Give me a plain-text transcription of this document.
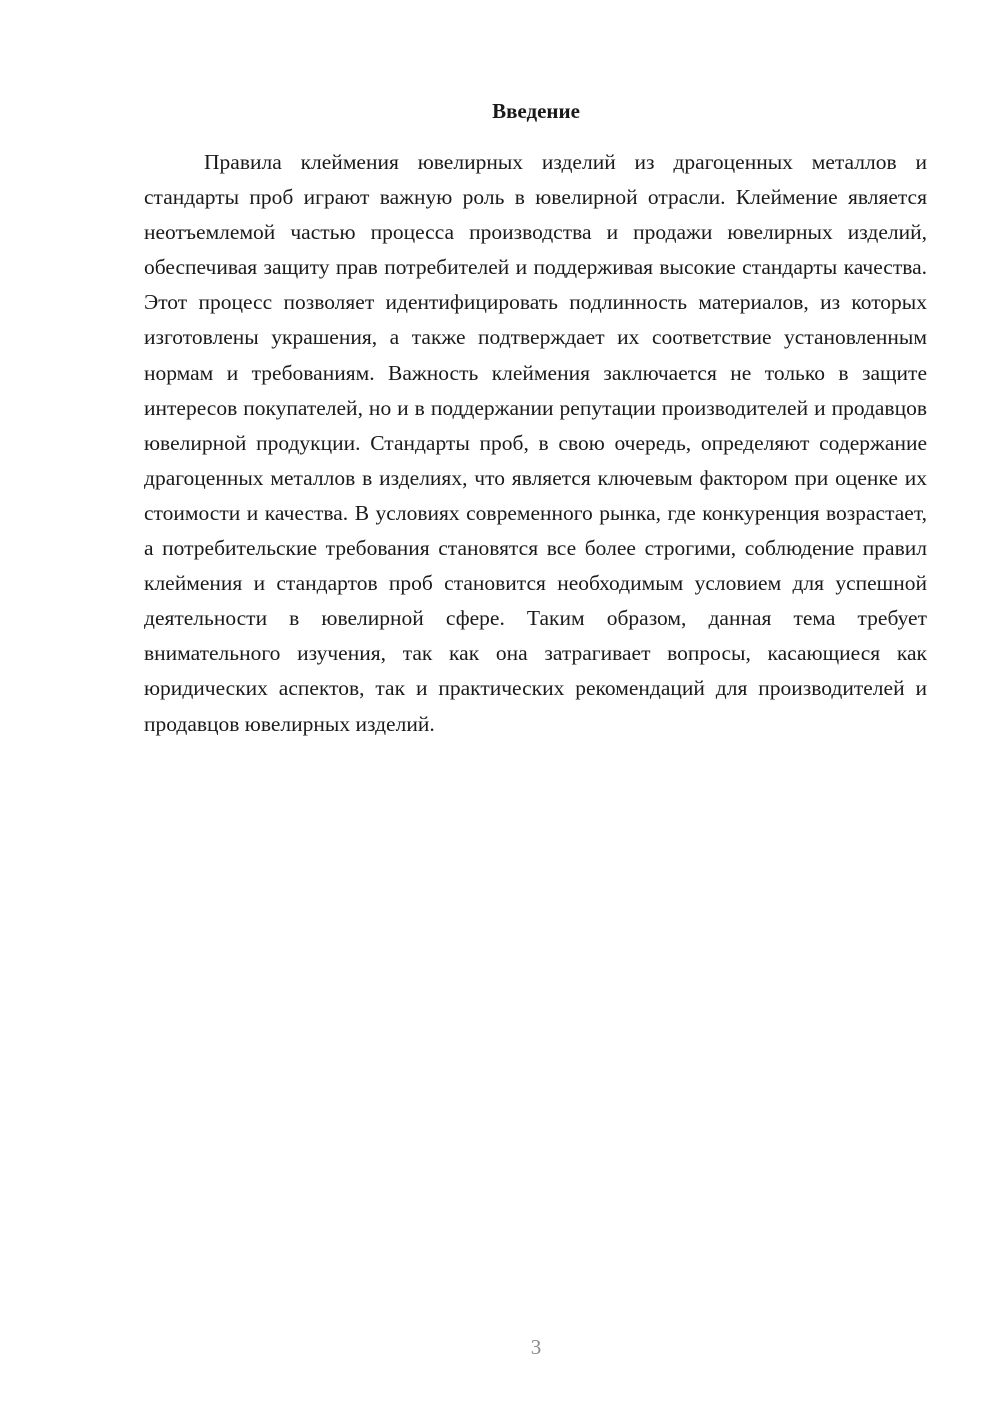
Введение

Правила клеймения ювелирных изделий из драгоценных металлов и стандарты проб играют важную роль в ювелирной отрасли. Клеймение является неотъемлемой частью процесса производства и продажи ювелирных изделий, обеспечивая защиту прав потребителей и поддерживая высокие стандарты качества. Этот процесс позволяет идентифицировать подлинность материалов, из которых изготовлены украшения, а также подтверждает их соответствие установленным нормам и требованиям. Важность клеймения заключается не только в защите интересов покупателей, но и в поддержании репутации производителей и продавцов ювелирной продукции. Стандарты проб, в свою очередь, определяют содержание драгоценных металлов в изделиях, что является ключевым фактором при оценке их стоимости и качества. В условиях современного рынка, где конкуренция возрастает, а потребительские требования становятся все более строгими, соблюдение правил клеймения и стандартов проб становится необходимым условием для успешной деятельности в ювелирной сфере. Таким образом, данная тема требует внимательного изучения, так как она затрагивает вопросы, касающиеся как юридических аспектов, так и практических рекомендаций для производителей и продавцов ювелирных изделий.

3
